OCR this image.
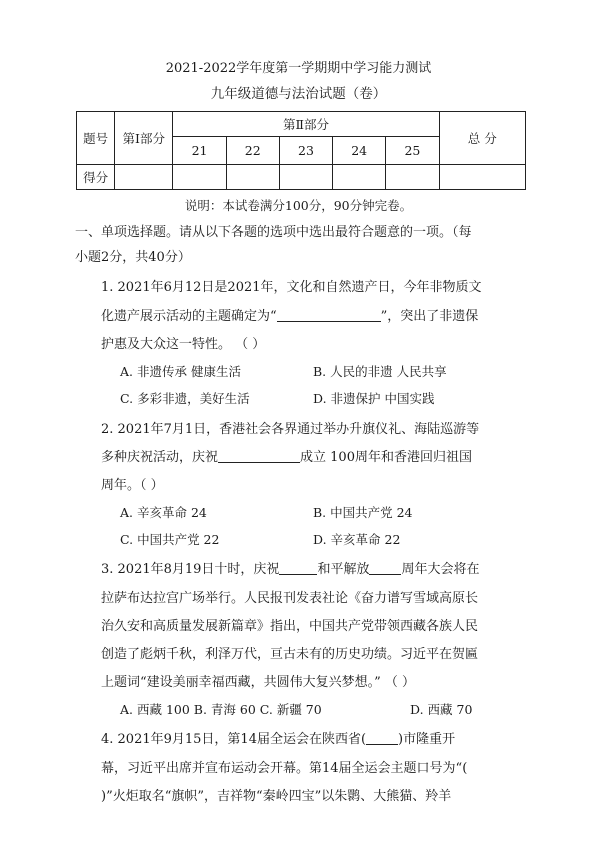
2021-2022学年度第一学期期中学习能力测试
九年级道德与法治试题（卷）
题号	第Ⅰ部分	第Ⅱ部分					总 分
		21	22	23	24	25	
得分							
说明：本试卷满分100分，90分钟完卷。
一、单项选择题。请从以下各题的选项中选出最符合题意的一项。（每
小题2分，共40分）
1. 2021年6月12日是2021年，文化和自然遗产日，今年非物质文
化遗产展示活动的主题确定为“	”，突出了非遗保
护惠及大众这一特性。 （ ）
A. 非遗传承 健康生活	B. 人民的非遗 人民共享
C. 多彩非遗，美好生活	D. 非遗保护 中国实践
2. 2021年7月1日，香港社会各界通过举办升旗仪礼、海陆巡游等
多种庆祝活动，庆祝	成立 100周年和香港回归祖国
周年。（ ）
A. 辛亥革命 24	B. 中国共产党 24
C. 中国共产党 22	D. 辛亥革命 22
3. 2021年8月19日十时，庆祝	和平解放 周年大会将在
拉萨布达拉宫广场举行。人民报刊发表社论《奋力谱写雪域高原长
治久安和高质量发展新篇章》指出，中国共产党带领西藏各族人民
创造了彪炳千秋，利泽万代，亘古未有的历史功绩。习近平在贺匾
上题词“建设美丽幸福西藏，共圆伟大复兴梦想。” （ ）
A. 西藏 100 B. 青海 60 C. 新疆 70	D. 西藏 70
4. 2021年9月15日，第14届全运会在陕西省( )市隆重开
幕，习近平出席并宣布运动会开幕。第14届全运会主题口号为“(
)”火炬取名“旗帜”，吉祥物“秦岭四宝”以朱鹮、大熊猫、羚羊
